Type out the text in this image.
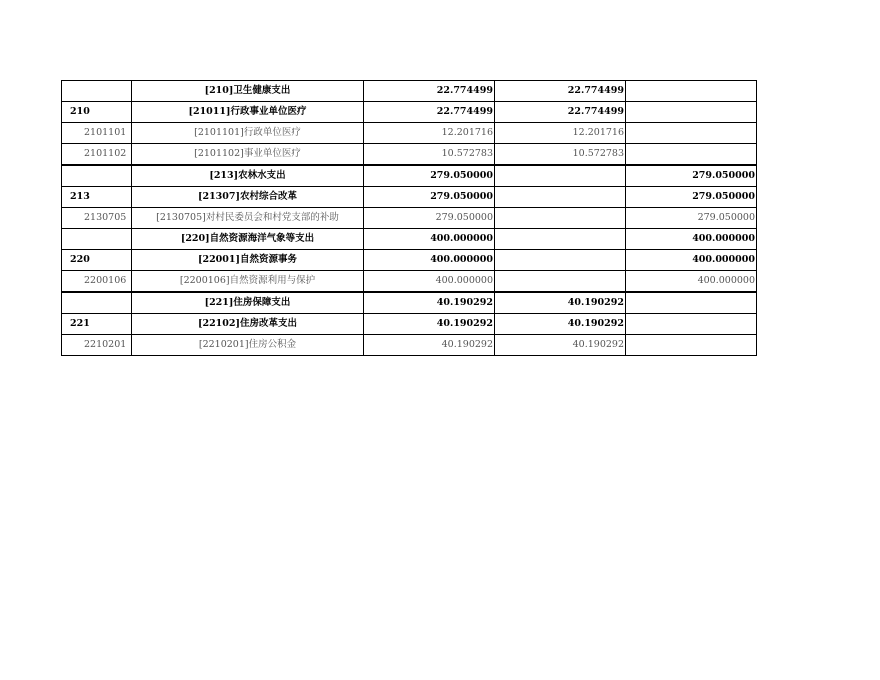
	[210]卫生健康支出	22.774499	22.774499	
210	[21011]行政事业单位医疗	22.774499	22.774499	
2101101	[2101101]行政单位医疗	12.201716	12.201716	
2101102	[2101102]事业单位医疗	10.572783	10.572783	
	[213]农林水支出	279.050000		279.050000
213	[21307]农村综合改革	279.050000		279.050000
2130705	[2130705]对村民委员会和村党支部的补助	279.050000		279.050000
	[220]自然资源海洋气象等支出	400.000000		400.000000
220	[22001]自然资源事务	400.000000		400.000000
2200106	[2200106]自然资源利用与保护	400.000000		400.000000
	[221]住房保障支出	40.190292	40.190292	
221	[22102]住房改革支出	40.190292	40.190292	
2210201	[2210201]住房公积金	40.190292	40.190292	
